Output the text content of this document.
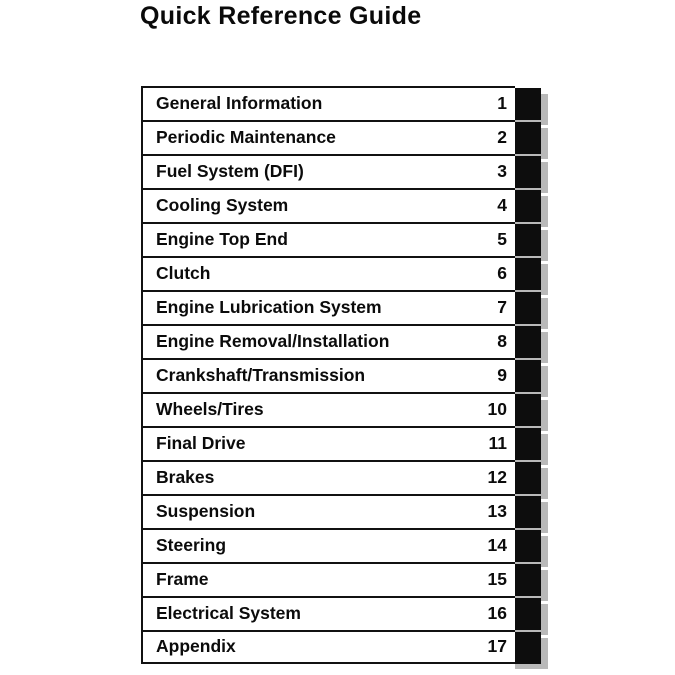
Quick Reference Guide
General Information	1
Periodic Maintenance	2
Fuel System (DFI)	3
Cooling System	4
Engine Top End	5
Clutch	6
Engine Lubrication System	7
Engine Removal/Installation	8
Crankshaft/Transmission	9
Wheels/Tires	10
Final Drive	11
Brakes	12
Suspension	13
Steering	14
Frame	15
Electrical System	16
Appendix	17
